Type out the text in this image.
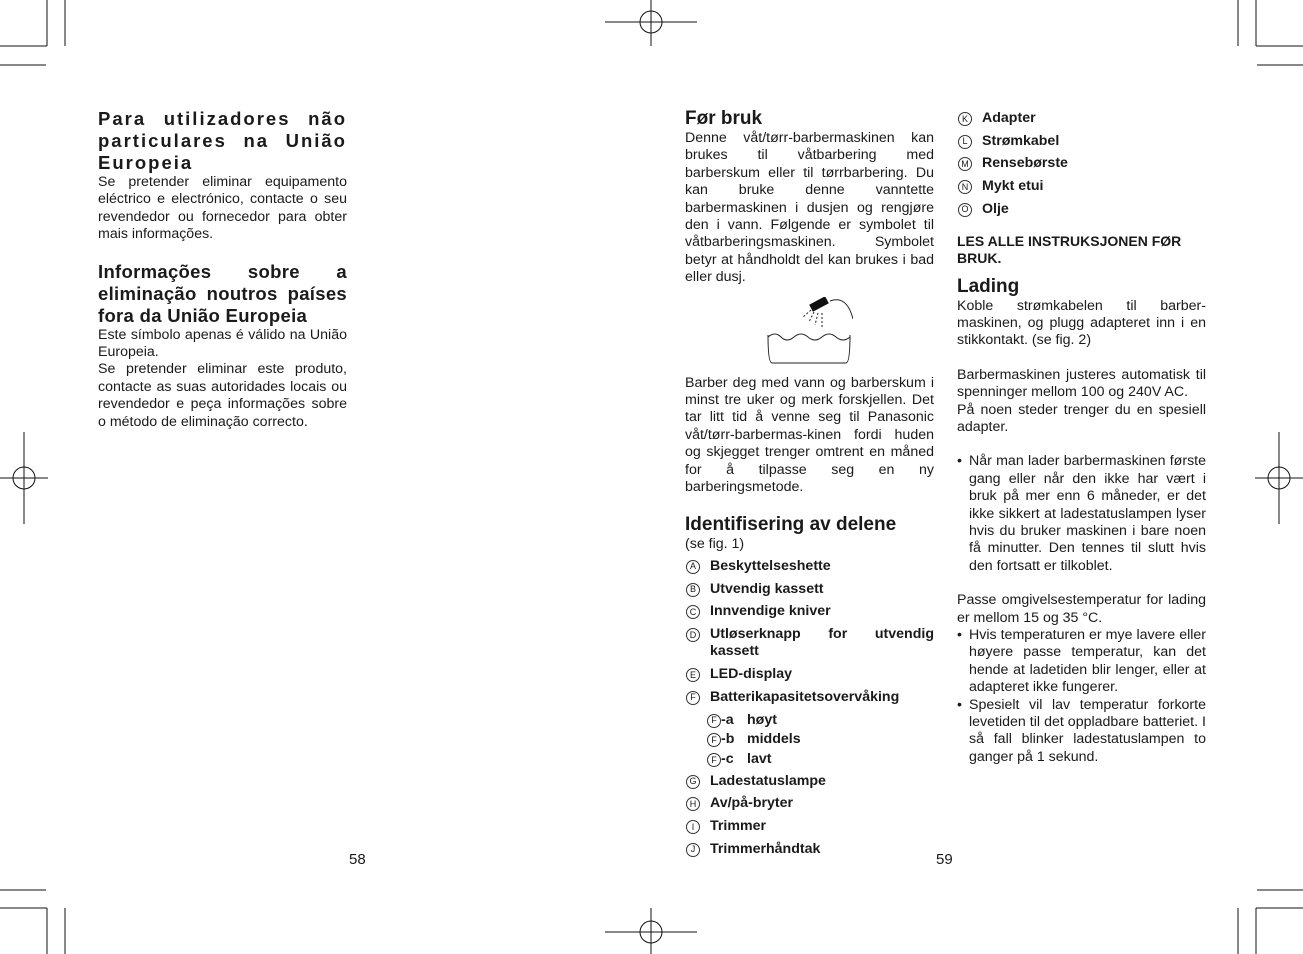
Para utilizadores não particulares na União Europeia

Se pretender eliminar equipamento eléctrico e electrónico, contacte o seu revendedor ou fornecedor para obter mais informações.

Informações sobre a eliminação noutros países fora da União Europeia

Este símbolo apenas é válido na União Europeia.

Se pretender eliminar este produto, contacte as suas autoridades locais ou revendedor e peça informações sobre o método de eliminação correcto.

58
Før bruk

Denne våt/tørr-barbermaskinen kan brukes til våtbarbering med barberskum eller til tørrbarbering. Du kan bruke denne vanntette barbermaskinen i dusjen og rengjøre den i vann. Følgende er symbolet til våtbarberingsmaskinen. Symbolet betyr at håndholdt del kan brukes i bad eller dusj.

Barber deg med vann og barberskum i minst tre uker og merk forskjellen. Det tar litt tid å venne seg til Panasonic våt/tørr-barbermas-kinen fordi huden og skjegget trenger omtrent en måned for å tilpasse seg en ny barberingsmetode.

Identifisering av delene

(se fig. 1)

A Beskyttelseshette
B Utvendig kassett
C Innvendige kniver
D Utløserknapp for utvendig kassett
E LED-display
F Batterikapasitetsovervåking
F -a høyt
F -b middels
F -c lavt
G Ladestatuslampe
H Av/på-bryter
I	Trimmer
J	Trimmerhåndtak
59
K Adapter
L	Strømkabel
M Rensebørste
N Mykt etui
O Olje

LES ALLE INSTRUKSJONEN FØR BRUK.

Lading

Koble strømkabelen til barber-maskinen, og plugg adapteret inn i en stikkontakt. (se fig. 2)

Barbermaskinen justeres automatisk til spenninger mellom 100 og 240V AC.

På noen steder trenger du en spesiell adapter.

• Når man lader barbermaskinen første gang eller når den ikke har vært i bruk på mer enn 6 måneder, er det ikke sikkert at ladestatuslampen lyser hvis du bruker maskinen i bare noen få minutter. Den tennes til slutt hvis den fortsatt er tilkoblet.

Passe omgivelsestemperatur for lading er mellom 15 og 35 °C.

• Hvis temperaturen er mye lavere eller høyere passe temperatur, kan det hende at ladetiden blir lenger, eller at adapteret ikke fungerer.

• Spesielt vil lav temperatur forkorte levetiden til det oppladbare batteriet. I så fall blinker ladestatuslampen to ganger på 1 sekund.
